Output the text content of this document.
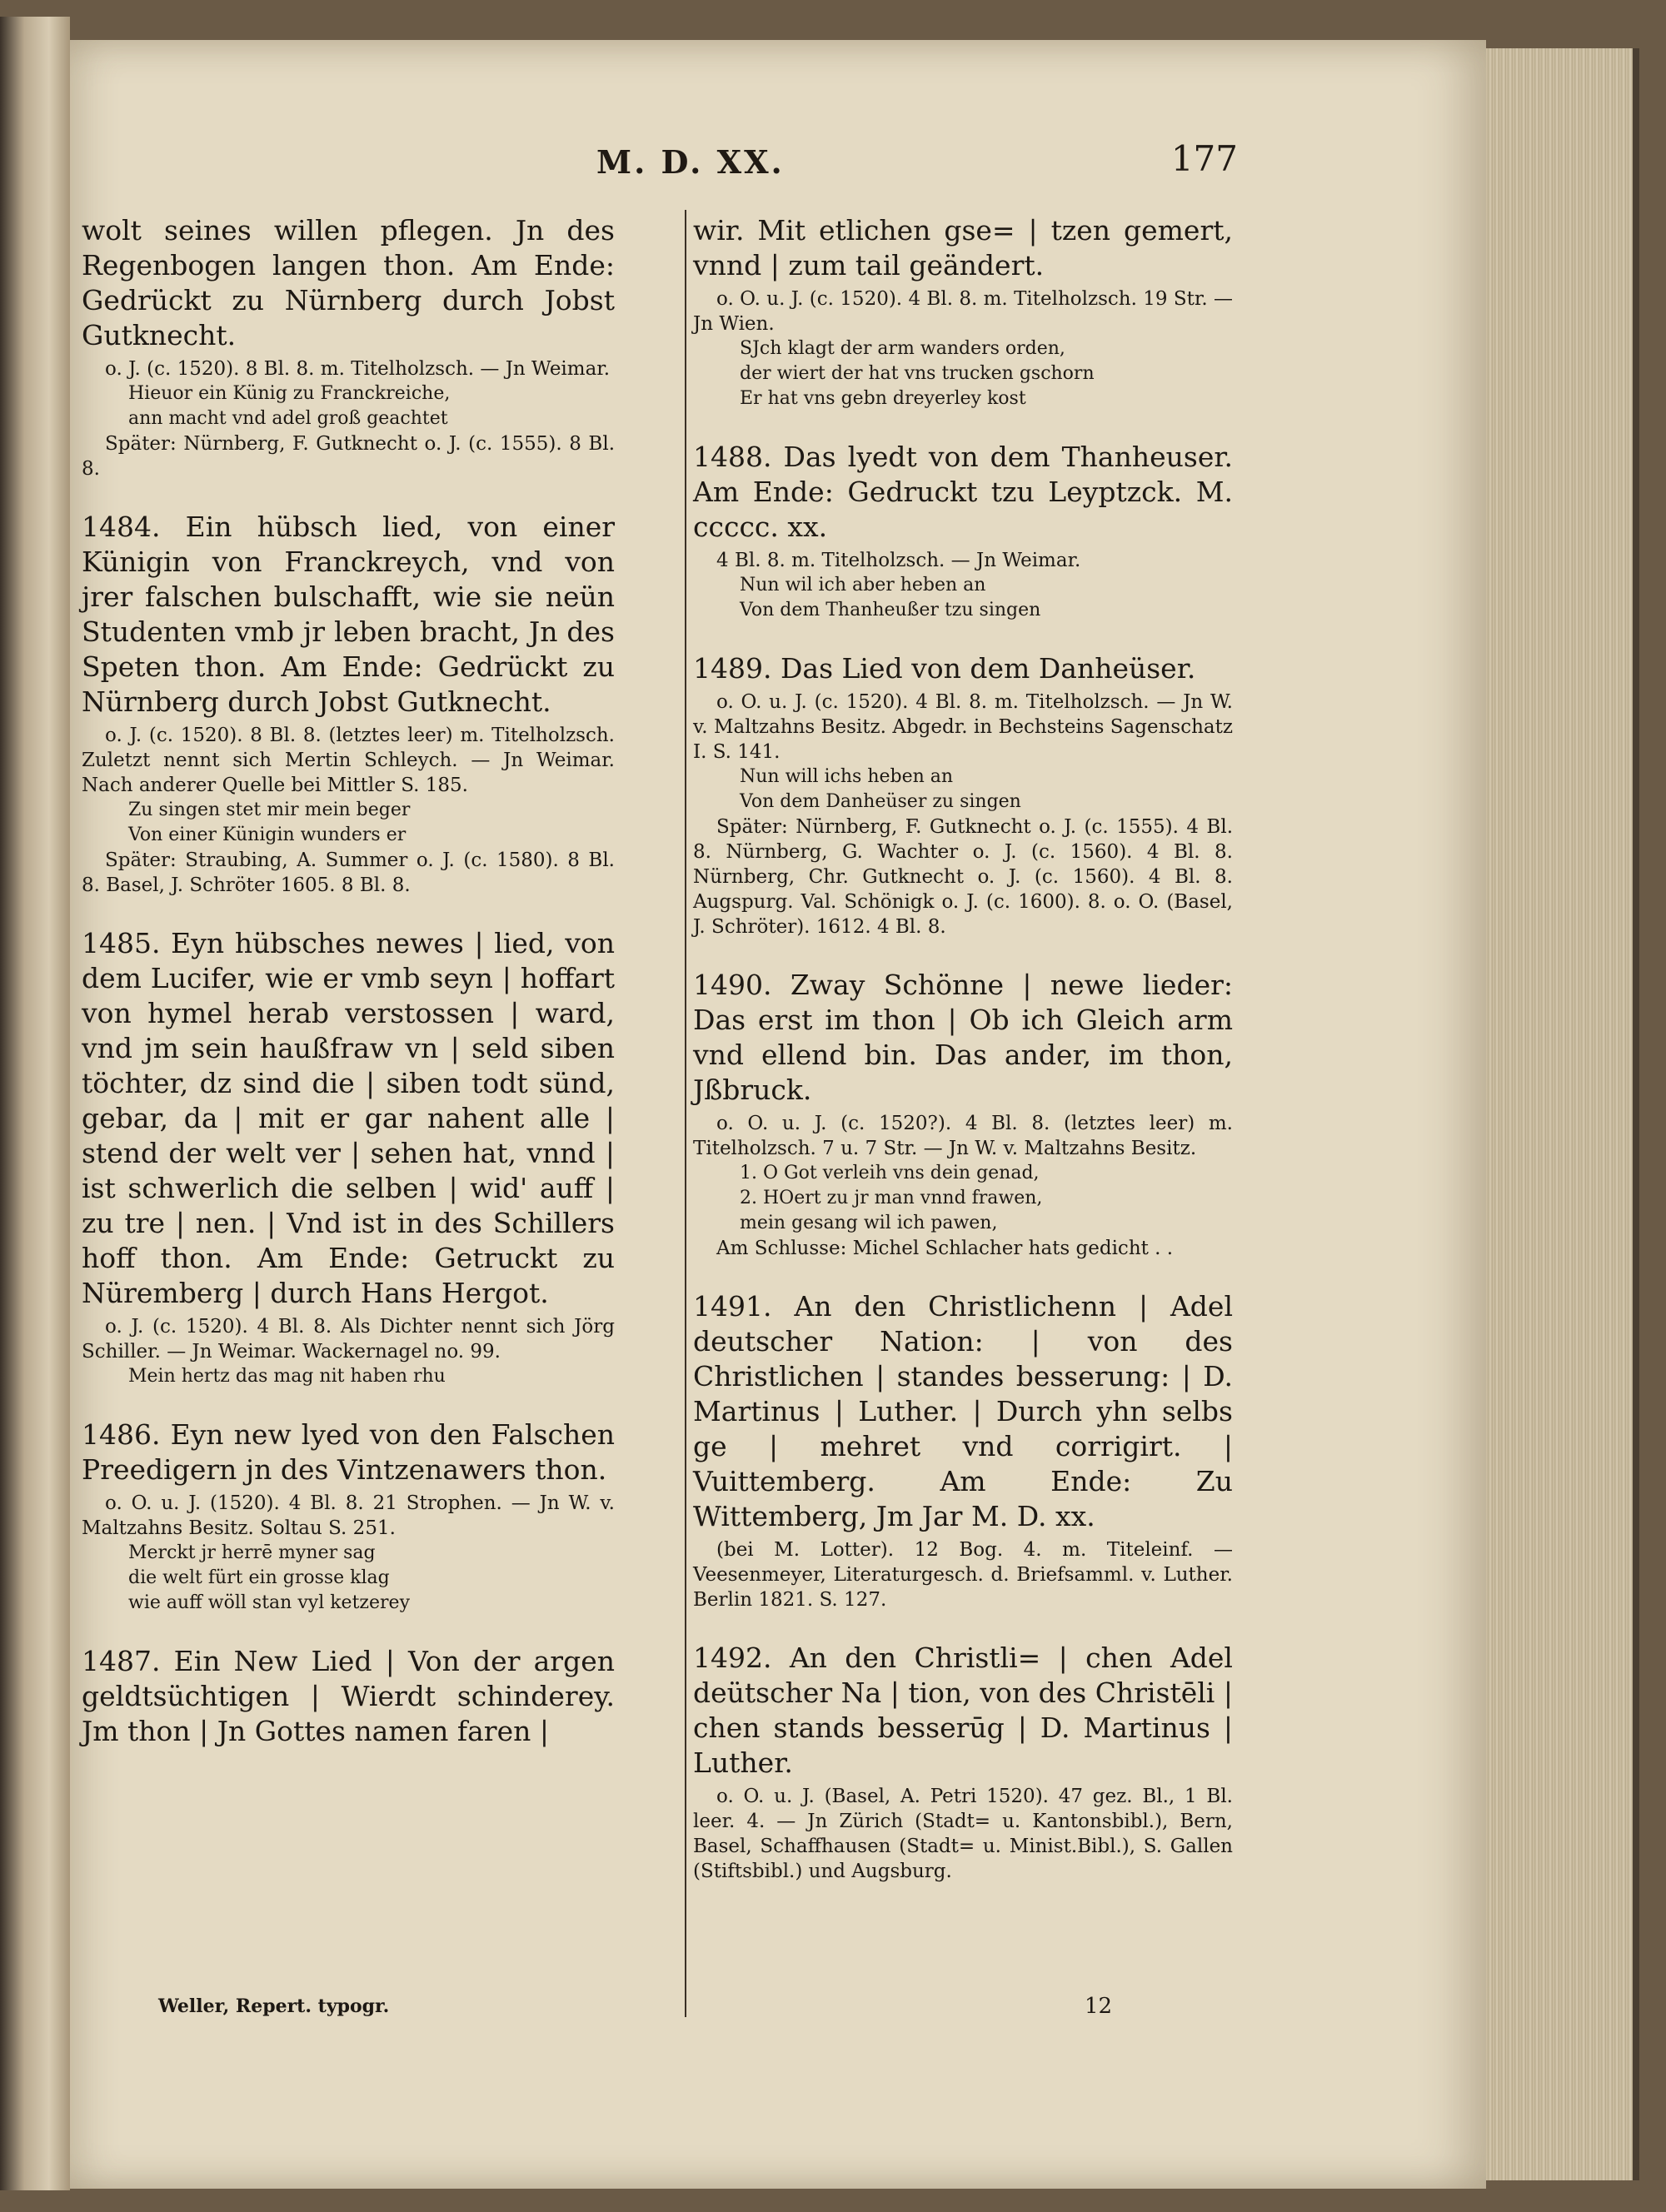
M. D. XX.	177

wolt seines willen pflegen. Jn des Regenbogen langen thon. Am Ende: Gedrückt zu Nürnberg durch Jobst Gutknecht.

o. J. (c. 1520). 8 Bl. 8. m. Titelholzsch. — Jn Weimar.

Hieuor ein Künig zu Franckreiche,
ann macht vnd adel groß geachtet

Später: Nürnberg, F. Gutknecht o. J. (c. 1555). 8 Bl. 8.

1484. Ein hübsch lied, von einer Künigin von Franckreych, vnd von jrer falschen bulschafft, wie sie neün Studenten vmb jr leben bracht, Jn des Speten thon. Am Ende: Gedrückt zu Nürnberg durch Jobst Gutknecht.

o. J. (c. 1520). 8 Bl. 8. (letztes leer) m. Titelholzsch. Zuletzt nennt sich Mertin Schleych. — Jn Weimar. Nach anderer Quelle bei Mittler S. 185.

Zu singen stet mir mein beger
Von einer Künigin wunders er

Später: Straubing, A. Summer o. J. (c. 1580). 8 Bl. 8. Basel, J. Schröter 1605. 8 Bl. 8.

1485. Eyn hübsches newes | lied, von dem Lucifer, wie er vmb seyn | hoffart von hymel herab verstossen | ward, vnd jm sein haußfraw vn | seld siben töchter, dz sind die | siben todt sünd, gebar, da | mit er gar nahent alle | stend der welt ver | sehen hat, vnnd | ist schwerlich die selben | wid' auff | zu tre | nen. | Vnd ist in des Schillers hoff thon. Am Ende: Getruckt zu Nüremberg | durch Hans Hergot.

o. J. (c. 1520). 4 Bl. 8. Als Dichter nennt sich Jörg Schiller. — Jn Weimar. Wackernagel no. 99.

Mein hertz das mag nit haben rhu

1486. Eyn new lyed von den Falschen Preedigern jn des Vintzenawers thon.

o. O. u. J. (1520). 4 Bl. 8. 21 Strophen. — Jn W. v. Maltzahns Besitz. Soltau S. 251.

Merckt jr herrē myner sag
die welt fürt ein grosse klag
wie auff wöll stan vyl ketzerey

1487. Ein New Lied | Von der argen geldtsüchtigen | Wierdt schinderey. Jm thon | Jn Gottes namen faren |

wir. Mit etlichen gse= | tzen gemert, vnnd | zum tail geändert.

o. O. u. J. (c. 1520). 4 Bl. 8. m. Titelholzsch. 19 Str. — Jn Wien.

SJch klagt der arm wanders orden,
der wiert der hat vns trucken gschorn
Er hat vns gebn dreyerley kost

1488. Das lyedt von dem Thanheuser. Am Ende: Gedruckt tzu Leyptzck. M. ccccc. xx.

4 Bl. 8. m. Titelholzsch. — Jn Weimar.

Nun wil ich aber heben an
Von dem Thanheußer tzu singen

1489. Das Lied von dem Danheüser.

o. O. u. J. (c. 1520). 4 Bl. 8. m. Titelholzsch. — Jn W. v. Maltzahns Besitz. Abgedr. in Bechsteins Sagenschatz I. S. 141.

Nun will ichs heben an
Von dem Danheüser zu singen

Später: Nürnberg, F. Gutknecht o. J. (c. 1555). 4 Bl. 8. Nürnberg, G. Wachter o. J. (c. 1560). 4 Bl. 8. Nürnberg, Chr. Gutknecht o. J. (c. 1560). 4 Bl. 8. Augspurg. Val. Schönigk o. J. (c. 1600). 8. o. O. (Basel, J. Schröter). 1612. 4 Bl. 8.

1490. Zway Schönne | newe lieder: Das erst im thon | Ob ich Gleich arm vnd ellend bin. Das ander, im thon, Jßbruck.

o. O. u. J. (c. 1520?). 4 Bl. 8. (letztes leer) m. Titelholzsch. 7 u. 7 Str. — Jn W. v. Maltzahns Besitz.

1. O Got verleih vns dein genad,
2. HOert zu jr man vnnd frawen,
mein gesang wil ich pawen,

Am Schlusse: Michel Schlacher hats gedicht . .

1491. An den Christlichenn | Adel deutscher Nation: | von des Christlichen | standes besserung: | D. Martinus | Luther. | Durch yhn selbs ge | mehret vnd corrigirt. | Vuittemberg. Am Ende: Zu Wittemberg, Jm Jar M. D. xx.

(bei M. Lotter). 12 Bog. 4. m. Titeleinf. — Veesenmeyer, Literaturgesch. d. Briefsamml. v. Luther. Berlin 1821. S. 127.

1492. An den Christli= | chen Adel deütscher Na | tion, von des Christēli | chen stands besserūg | D. Martinus | Luther.

o. O. u. J. (Basel, A. Petri 1520). 47 gez. Bl., 1 Bl. leer. 4. — Jn Zürich (Stadt= u. Kantonsbibl.), Bern, Basel, Schaffhausen (Stadt= u. Minist.Bibl.), S. Gallen (Stiftsbibl.) und Augsburg.

Weller, Repert. typogr.	12
